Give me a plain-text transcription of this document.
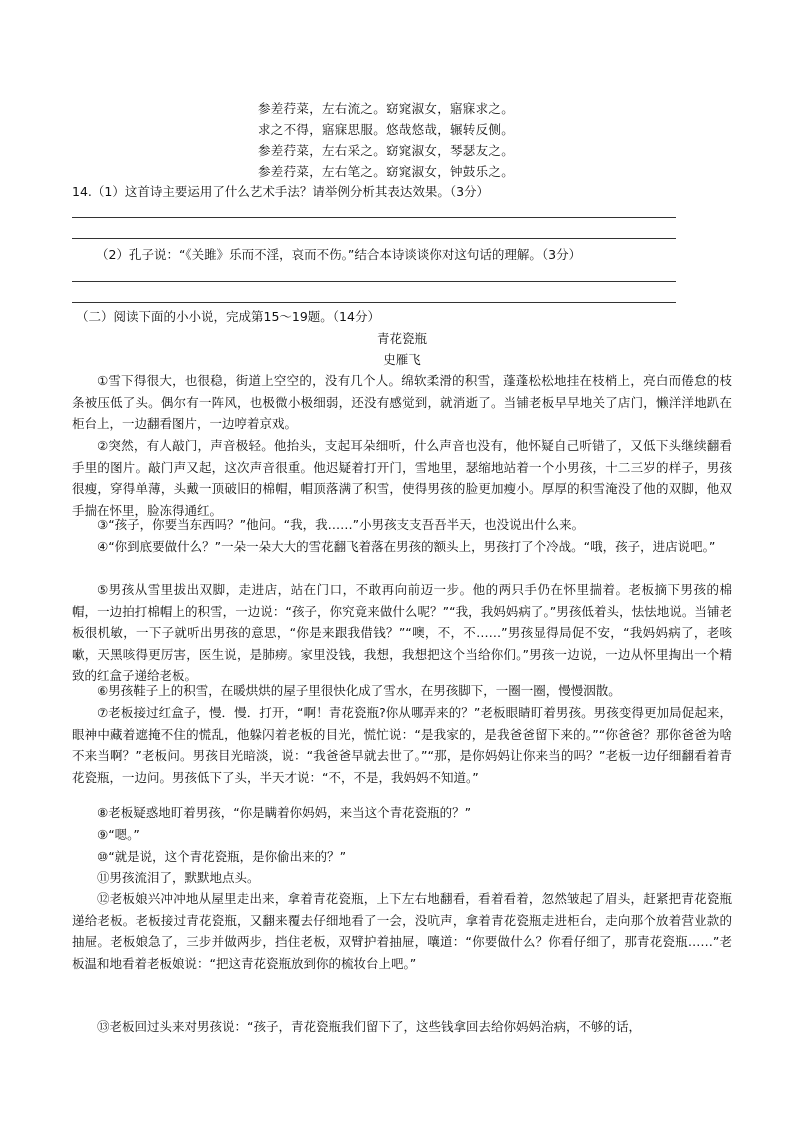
参差荇菜，左右流之。窈窕淑女，寤寐求之。
求之不得，寤寐思服。悠哉悠哉，辗转反侧。
参差荇菜，左右采之。窈窕淑女，琴瑟友之。
参差荇菜，左右笔之。窈窕淑女，钟鼓乐之。
14.（1）这首诗主要运用了什么艺术手法？请举例分析其表达效果。（3分）
（2）孔子说：“《关雎》乐而不淫，哀而不伤。”结合本诗谈谈你对这句话的理解。（3分）
（二）阅读下面的小小说，完成第15～19题。（14分）
青花瓷瓶
史雁飞
①雪下得很大，也很稳，街道上空空的，没有几个人。绵软柔滑的积雪，蓬蓬松松地挂在枝梢上，亮白而倦怠的枝条被压低了头。偶尔有一阵风，也极微小极细弱，还没有感觉到，就消逝了。当铺老板早早地关了店门，懒洋洋地趴在柜台上，一边翻看图片，一边哼着京戏。
②突然，有人敲门，声音极轻。他抬头，支起耳朵细听，什么声音也没有，他怀疑自己听错了，又低下头继续翻看手里的图片。敲门声又起，这次声音很重。他迟疑着打开门，雪地里，瑟缩地站着一个小男孩，十二三岁的样子，男孩很瘦，穿得单薄，头戴一顶破旧的棉帽，帽顶落满了积雪，使得男孩的脸更加瘦小。厚厚的积雪淹没了他的双脚，他双手揣在怀里，脸冻得通红。
③“孩子，你要当东西吗？”他问。“我，我……”小男孩支支吾吾半天，也没说出什么来。
④“你到底要做什么？”一朵一朵大大的雪花翻飞着落在男孩的额头上，男孩打了个冷战。“哦，孩子，进店说吧。”
⑤男孩从雪里拔出双脚，走进店，站在门口，不敢再向前迈一步。他的两只手仍在怀里揣着。老板摘下男孩的棉帽，一边拍打棉帽上的积雪，一边说：“孩子，你究竟来做什么呢？”“我，我妈妈病了。”男孩低着头，怯怯地说。当铺老板很机敏，一下子就听出男孩的意思，“你是来跟我借钱？”“噢，不，不……”男孩显得局促不安，“我妈妈病了，老咳嗽，天黑咳得更厉害，医生说，是肺痨。家里没钱，我想，我想把这个当给你们。”男孩一边说，一边从怀里掏出一个精致的红盒子递给老板。
⑥男孩鞋子上的积雪，在暖烘烘的屋子里很快化成了雪水，在男孩脚下，一圈一圈，慢慢洇散。
⑦老板接过红盒子，慢．慢．打开，“啊！青花瓷瓶?你从哪弄来的？”老板眼睛盯着男孩。男孩变得更加局促起来，眼神中藏着遮掩不住的慌乱，他躲闪着老板的目光，慌忙说：“是我家的，是我爸爸留下来的。”“你爸爸？那你爸爸为啥不来当啊？”老板问。男孩目光暗淡，说：“我爸爸早就去世了。”“那，是你妈妈让你来当的吗？”老板一边仔细翻看着青花瓷瓶，一边问。男孩低下了头，半天才说：“不，不是，我妈妈不知道。”
⑧老板疑惑地盯着男孩，“你是瞒着你妈妈，来当这个青花瓷瓶的？”
⑨“嗯。”
⑩“就是说，这个青花瓷瓶，是你偷出来的？”
⑪男孩流泪了，默默地点头。
⑫老板娘兴冲冲地从屋里走出来，拿着青花瓷瓶，上下左右地翻看，看着看着，忽然皱起了眉头，赶紧把青花瓷瓶递给老板。老板接过青花瓷瓶，又翻来覆去仔细地看了一会，没吭声，拿着青花瓷瓶走进柜台，走向那个放着营业款的抽屉。老板娘急了，三步并做两步，挡住老板，双臂护着抽屉，嚷道：“你要做什么？你看仔细了，那青花瓷瓶……”老板温和地看着老板娘说：“把这青花瓷瓶放到你的梳妆台上吧。”
⑬老板回过头来对男孩说：“孩子，青花瓷瓶我们留下了，这些钱拿回去给你妈妈治病，不够的话，
